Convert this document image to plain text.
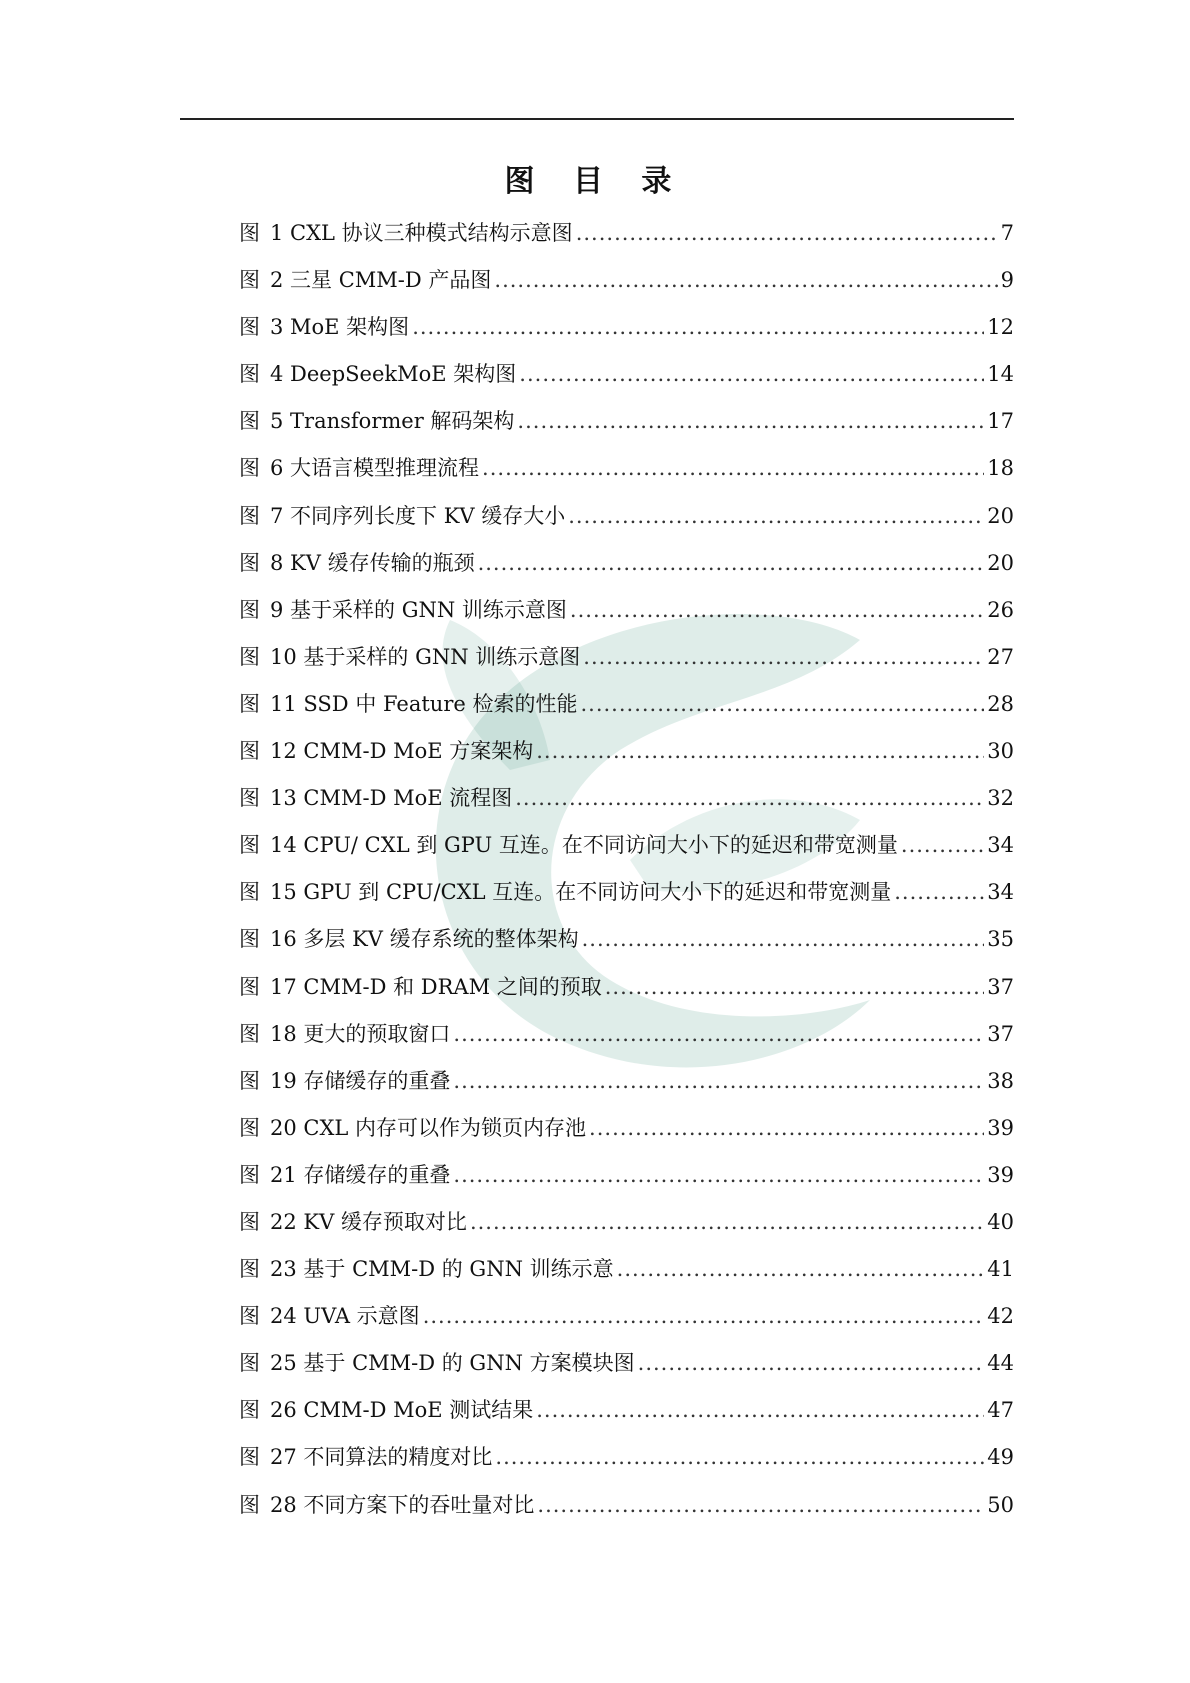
图 目 录
图 1 CXL 协议三种模式结构示意图 .....	7
图 2 三星 CMM-D 产品图 .....	9
图 3 MoE 架构图 .....	12
图 4 DeepSeekMoE 架构图 .....	14
图 5 Transformer 解码架构 .....	17
图 6 大语言模型推理流程 .....	18
图 7 不同序列长度下 KV 缓存大小 .....	20
图 8 KV 缓存传输的瓶颈 .....	20
图 9 基于采样的 GNN 训练示意图 .....	26
图 10 基于采样的 GNN 训练示意图 .....	27
图 11 SSD 中 Feature 检索的性能 .....	28
图 12 CMM-D MoE 方案架构 .....	30
图 13 CMM-D MoE 流程图 .....	32
图 14 CPU/ CXL 到 GPU 互连。在不同访问大小下的延迟和带宽测量 .....	34
图 15 GPU 到 CPU/CXL 互连。在不同访问大小下的延迟和带宽测量 .....	34
图 16 多层 KV 缓存系统的整体架构 .....	35
图 17 CMM-D 和 DRAM 之间的预取 .....	37
图 18 更大的预取窗口 .....	37
图 19 存储缓存的重叠 .....	38
图 20 CXL 内存可以作为锁页内存池 .....	39
图 21 存储缓存的重叠 .....	39
图 22 KV 缓存预取对比 .....	40
图 23 基于 CMM-D 的 GNN 训练示意 .....	41
图 24 UVA 示意图 .....	42
图 25 基于 CMM-D 的 GNN 方案模块图 .....	44
图 26 CMM-D MoE 测试结果 .....	47
图 27 不同算法的精度对比 .....	49
图 28 不同方案下的吞吐量对比 .....	50
